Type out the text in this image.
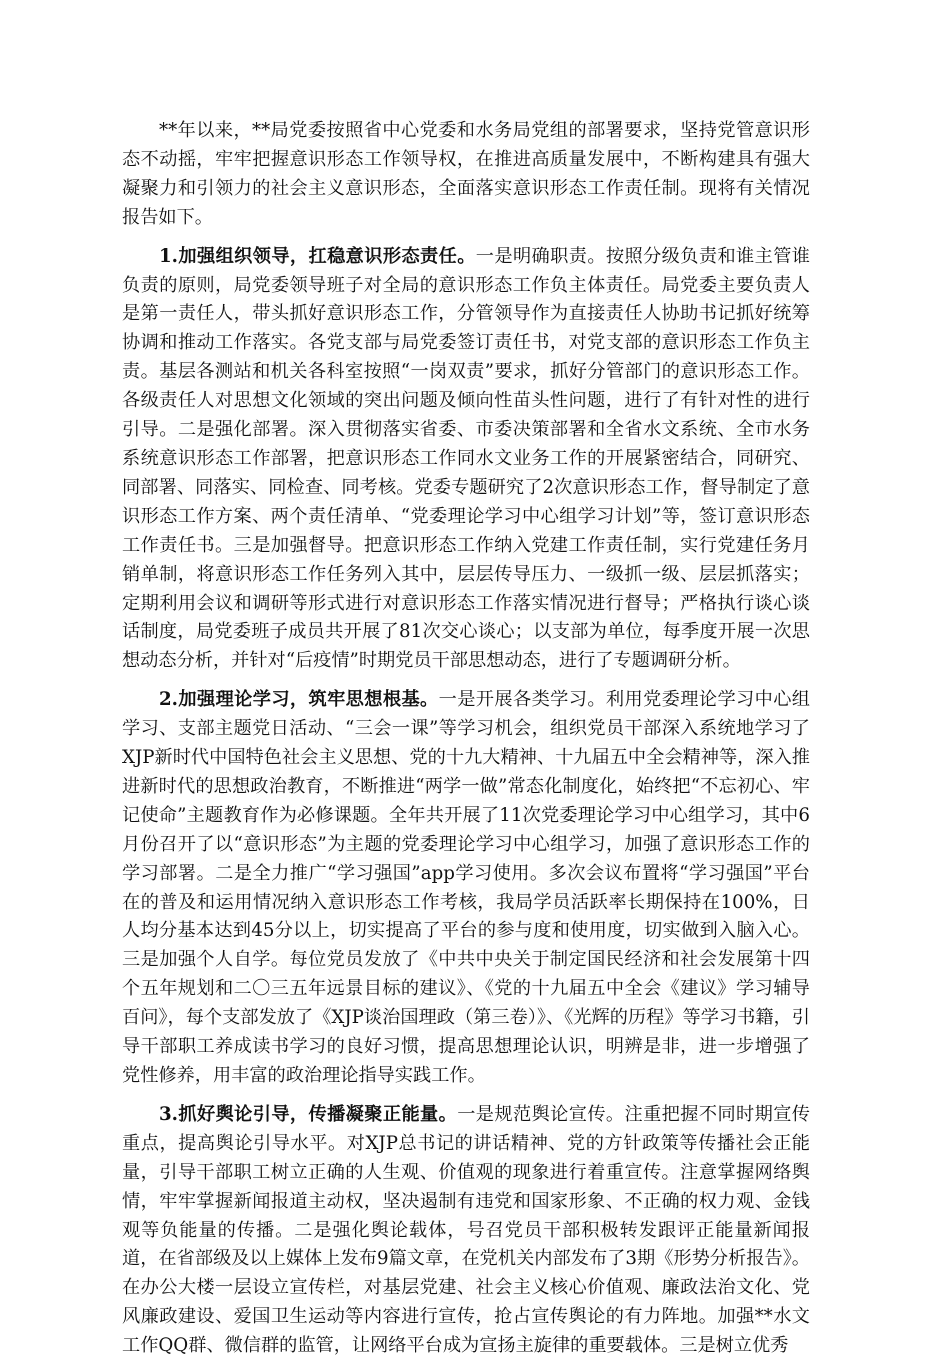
**年以来，**局党委按照省中心党委和水务局党组的部署要求，坚持党管意识形态不动摇，牢牢把握意识形态工作领导权，在推进高质量发展中，不断构建具有强大凝聚力和引领力的社会主义意识形态，全面落实意识形态工作责任制。现将有关情况报告如下。

1.加强组织领导，扛稳意识形态责任。一是明确职责。按照分级负责和谁主管谁负责的原则，局党委领导班子对全局的意识形态工作负主体责任。局党委主要负责人是第一责任人，带头抓好意识形态工作，分管领导作为直接责任人协助书记抓好统筹协调和推动工作落实。各党支部与局党委签订责任书，对党支部的意识形态工作负主责。基层各测站和机关各科室按照“一岗双责”要求，抓好分管部门的意识形态工作。各级责任人对思想文化领域的突出问题及倾向性苗头性问题，进行了有针对性的进行引导。二是强化部署。深入贯彻落实省委、市委决策部署和全省水文系统、全市水务系统意识形态工作部署，把意识形态工作同水文业务工作的开展紧密结合，同研究、同部署、同落实、同检查、同考核。党委专题研究了2次意识形态工作，督导制定了意识形态工作方案、两个责任清单、“党委理论学习中心组学习计划”等，签订意识形态工作责任书。三是加强督导。把意识形态工作纳入党建工作责任制，实行党建任务月销单制，将意识形态工作任务列入其中，层层传导压力、一级抓一级、层层抓落实；定期利用会议和调研等形式进行对意识形态工作落实情况进行督导；严格执行谈心谈话制度，局党委班子成员共开展了81次交心谈心；以支部为单位，每季度开展一次思想动态分析，并针对“后疫情”时期党员干部思想动态，进行了专题调研分析。

2.加强理论学习，筑牢思想根基。一是开展各类学习。利用党委理论学习中心组学习、支部主题党日活动、“三会一课”等学习机会，组织党员干部深入系统地学习了XJP新时代中国特色社会主义思想、党的十九大精神、十九届五中全会精神等，深入推进新时代的思想政治教育，不断推进“两学一做”常态化制度化，始终把“不忘初心、牢记使命”主题教育作为必修课题。全年共开展了11次党委理论学习中心组学习，其中6月份召开了以“意识形态”为主题的党委理论学习中心组学习，加强了意识形态工作的学习部署。二是全力推广“学习强国”app学习使用。多次会议布置将“学习强国”平台在的普及和运用情况纳入意识形态工作考核，我局学员活跃率长期保持在100%，日人均分基本达到45分以上，切实提高了平台的参与度和使用度，切实做到入脑入心。三是加强个人自学。每位党员发放了《中共中央关于制定国民经济和社会发展第十四个五年规划和二〇三五年远景目标的建议》、《党的十九届五中全会《建议》学习辅导百问》，每个支部发放了《XJP谈治国理政（第三卷）》、《光辉的历程》等学习书籍，引导干部职工养成读书学习的良好习惯，提高思想理论认识，明辨是非，进一步增强了党性修养，用丰富的政治理论指导实践工作。

3.抓好舆论引导，传播凝聚正能量。一是规范舆论宣传。注重把握不同时期宣传重点，提高舆论引导水平。对XJP总书记的讲话精神、党的方针政策等传播社会正能量，引导干部职工树立正确的人生观、价值观的现象进行着重宣传。注意掌握网络舆情，牢牢掌握新闻报道主动权，坚决遏制有违党和国家形象、不正确的权力观、金钱观等负能量的传播。二是强化舆论载体，号召党员干部积极转发跟评正能量新闻报道，在省部级及以上媒体上发布9篇文章，在党机关内部发布了3期《形势分析报告》。在办公大楼一层设立宣传栏，对基层党建、社会主义核心价值观、廉政法治文化、党风廉政建设、爱国卫生运动等内容进行宣传，抢占宣传舆论的有力阵地。加强**水文工作QQ群、微信群的监管，让网络平台成为宣扬主旋律的重要载体。三是树立优秀
